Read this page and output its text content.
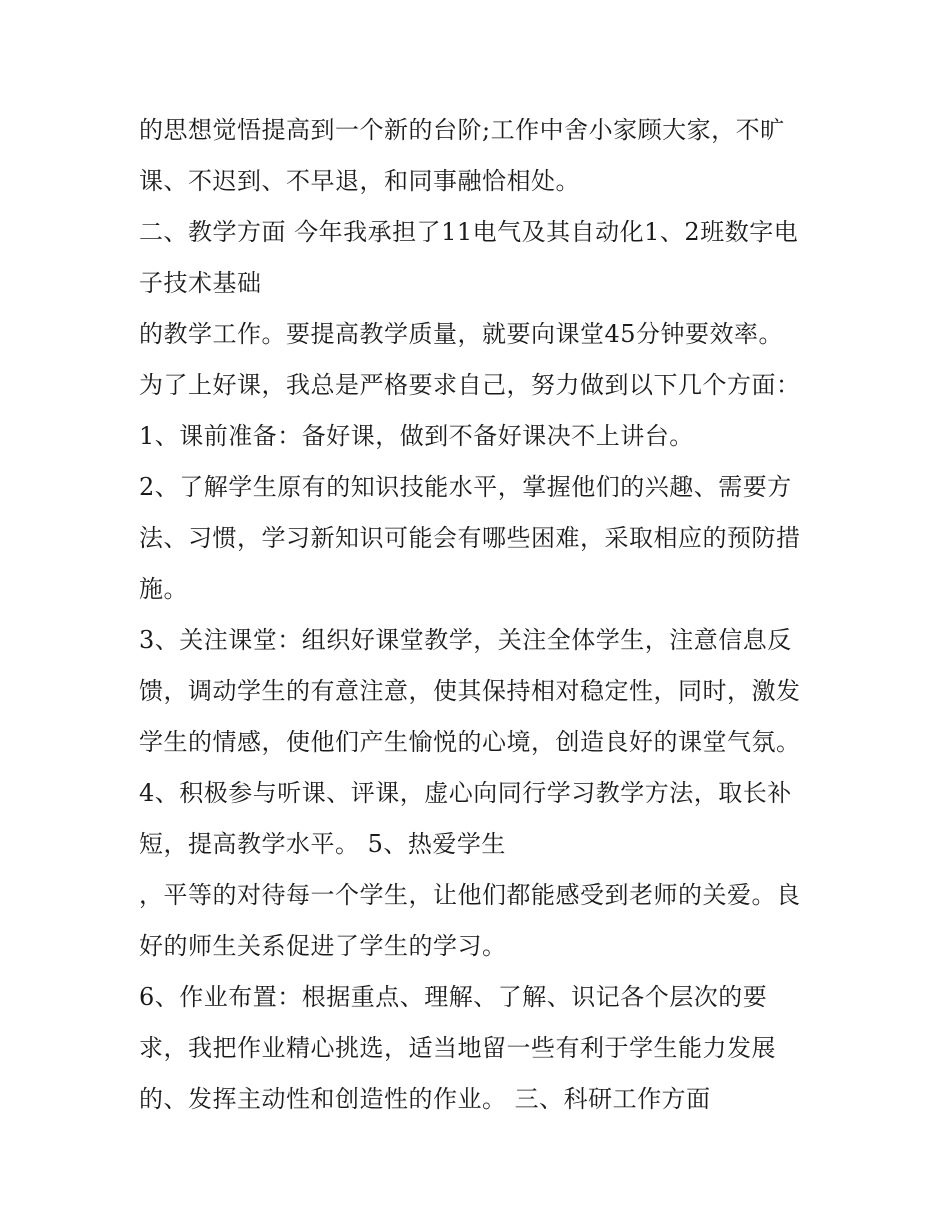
的思想觉悟提高到一个新的台阶;工作中舍小家顾大家，不旷
课、不迟到、不早退，和同事融恰相处。
二、教学方面 今年我承担了11电气及其自动化1、2班数字电
子技术基础
的教学工作。要提高教学质量，就要向课堂45分钟要效率。
为了上好课，我总是严格要求自己，努力做到以下几个方面：
1、课前准备：备好课，做到不备好课决不上讲台。
2、了解学生原有的知识技能水平，掌握他们的兴趣、需要方
法、习惯，学习新知识可能会有哪些困难，采取相应的预防措
施。
3、关注课堂：组织好课堂教学，关注全体学生，注意信息反
馈，调动学生的有意注意，使其保持相对稳定性，同时，激发
学生的情感，使他们产生愉悦的心境，创造良好的课堂气氛。
4、积极参与听课、评课，虚心向同行学习教学方法，取长补
短，提高教学水平。 5、热爱学生
，平等的对待每一个学生，让他们都能感受到老师的关爱。良
好的师生关系促进了学生的学习。
6、作业布置：根据重点、理解、了解、识记各个层次的要
求，我把作业精心挑选，适当地留一些有利于学生能力发展
的、发挥主动性和创造性的作业。 三、科研工作方面
